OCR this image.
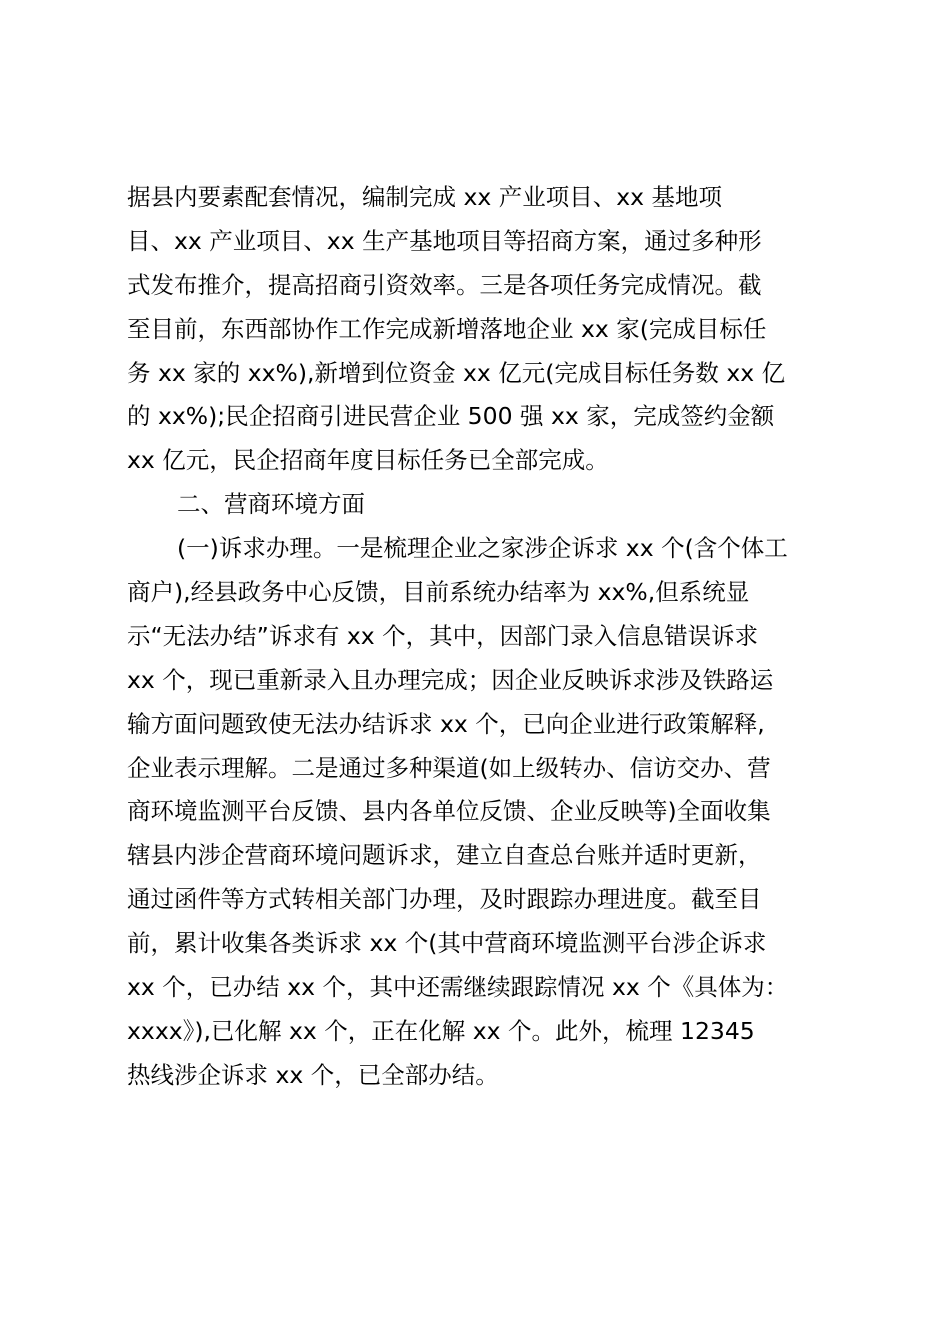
据县内要素配套情况，编制完成 xx 产业项目、xx 基地项
目、xx 产业项目、xx 生产基地项目等招商方案，通过多种形
式发布推介，提高招商引资效率。三是各项任务完成情况。截
至目前，东西部协作工作完成新增落地企业 xx 家(完成目标任
务 xx 家的 xx%),新增到位资金 xx 亿元(完成目标任务数 xx 亿
的 xx%);民企招商引进民营企业 500 强 xx 家，完成签约金额
xx 亿元，民企招商年度目标任务已全部完成。
二、营商环境方面
(一)诉求办理。一是梳理企业之家涉企诉求 xx 个(含个体工
商户),经县政务中心反馈，目前系统办结率为 xx%,但系统显
示“无法办结”诉求有 xx 个，其中，因部门录入信息错误诉求
xx 个，现已重新录入且办理完成；因企业反映诉求涉及铁路运
输方面问题致使无法办结诉求 xx 个，已向企业进行政策解释,
企业表示理解。二是通过多种渠道(如上级转办、信访交办、营
商环境监测平台反馈、县内各单位反馈、企业反映等)全面收集
辖县内涉企营商环境问题诉求，建立自查总台账并适时更新，
通过函件等方式转相关部门办理，及时跟踪办理进度。截至目
前，累计收集各类诉求 xx 个(其中营商环境监测平台涉企诉求
xx 个，已办结 xx 个，其中还需继续跟踪情况 xx 个《具体为：
xxxx》),已化解 xx 个，正在化解 xx 个。此外，梳理 12345
热线涉企诉求 xx 个，已全部办结。
